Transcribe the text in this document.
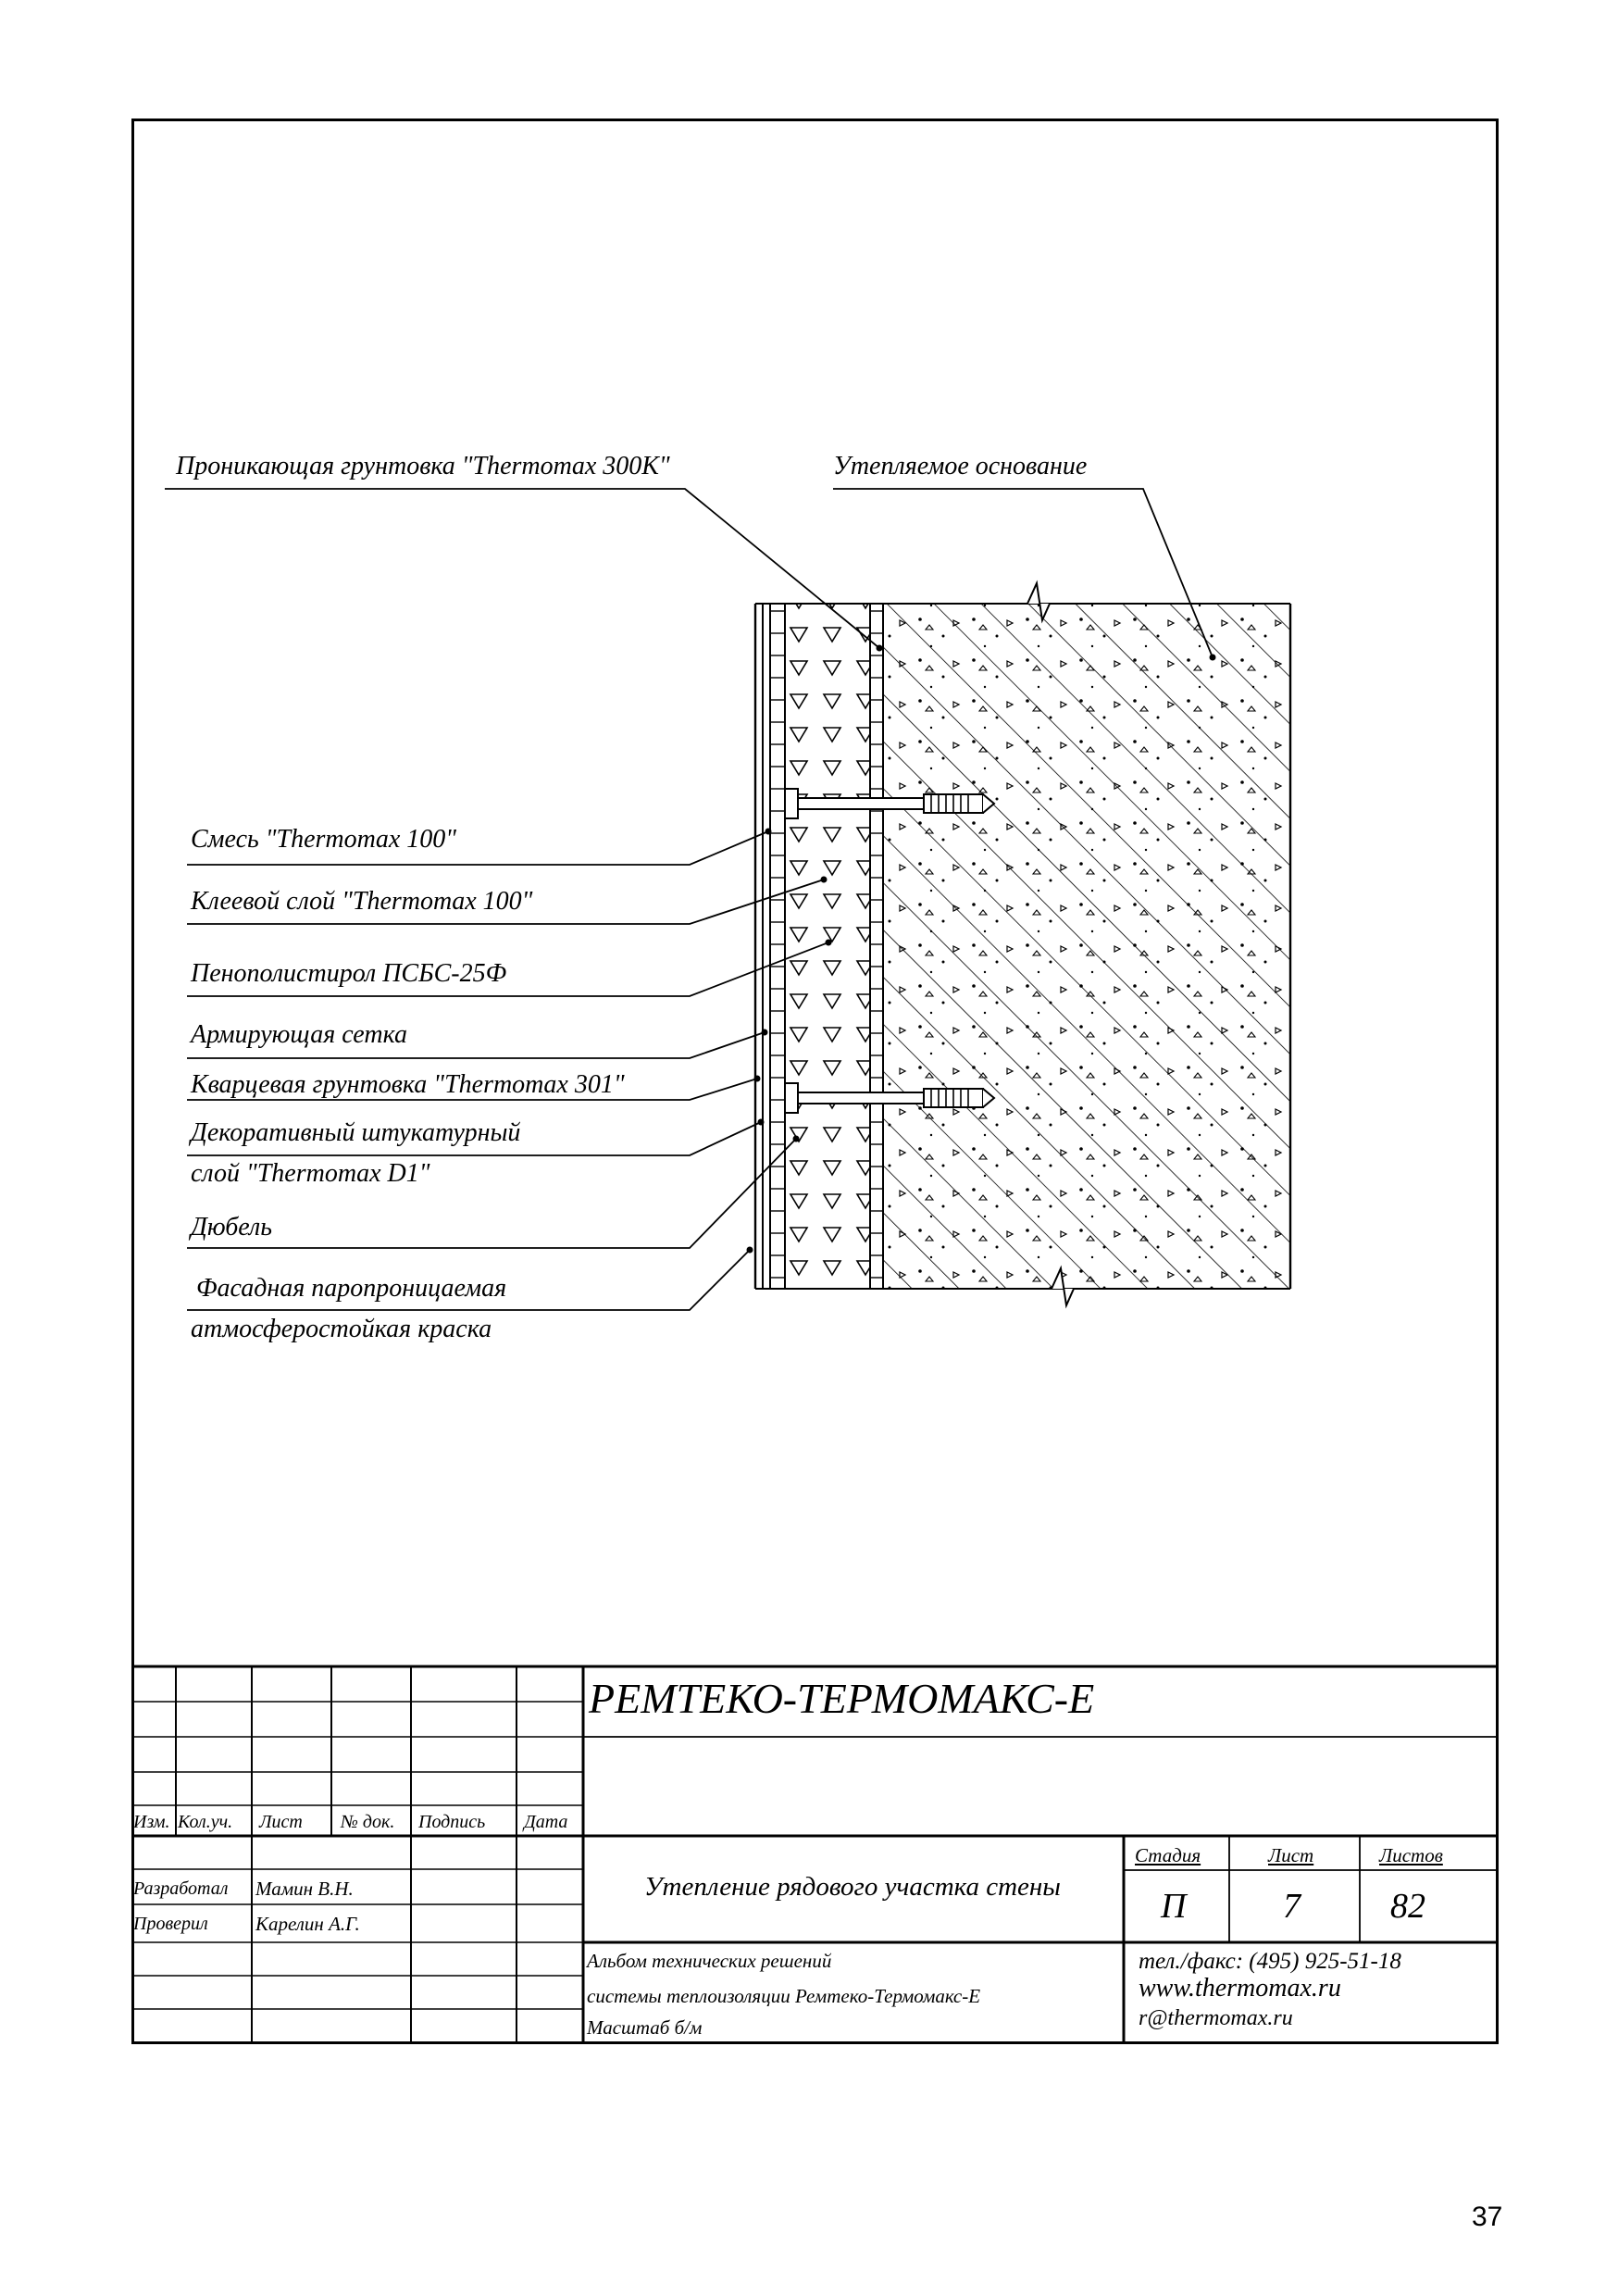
Проникающая грунтовка "Thermomax 300К"	Утепляемое основание
Смесь "Thermomax 100"
Клеевой слой "Thermomax 100"
Пенополистирол ПСБС-25Ф
Армирующая сетка
Кварцевая грунтовка "Thermomax 301"
Декоративный штукатурный
слой "Thermomax D1"
Дюбель
Фасадная паропроницаемая
атмосферостойкая краска
РЕМТЕКО-ТЕРМОМАКС-Е
Изм. Кол.уч. Лист № док. Подпись Дата
Разработал Мамин В.Н.
Проверил Карелин А.Г.
Утепление рядового участка стены
Стадия	Лист	Листов
П	7	82
Альбом технических решений
системы теплоизоляции Ремтеко-Термомакс-Е
Масштаб б/м
тел./факс: (495) 925-51-18
www.thermomax.ru
r@thermomax.ru
37
